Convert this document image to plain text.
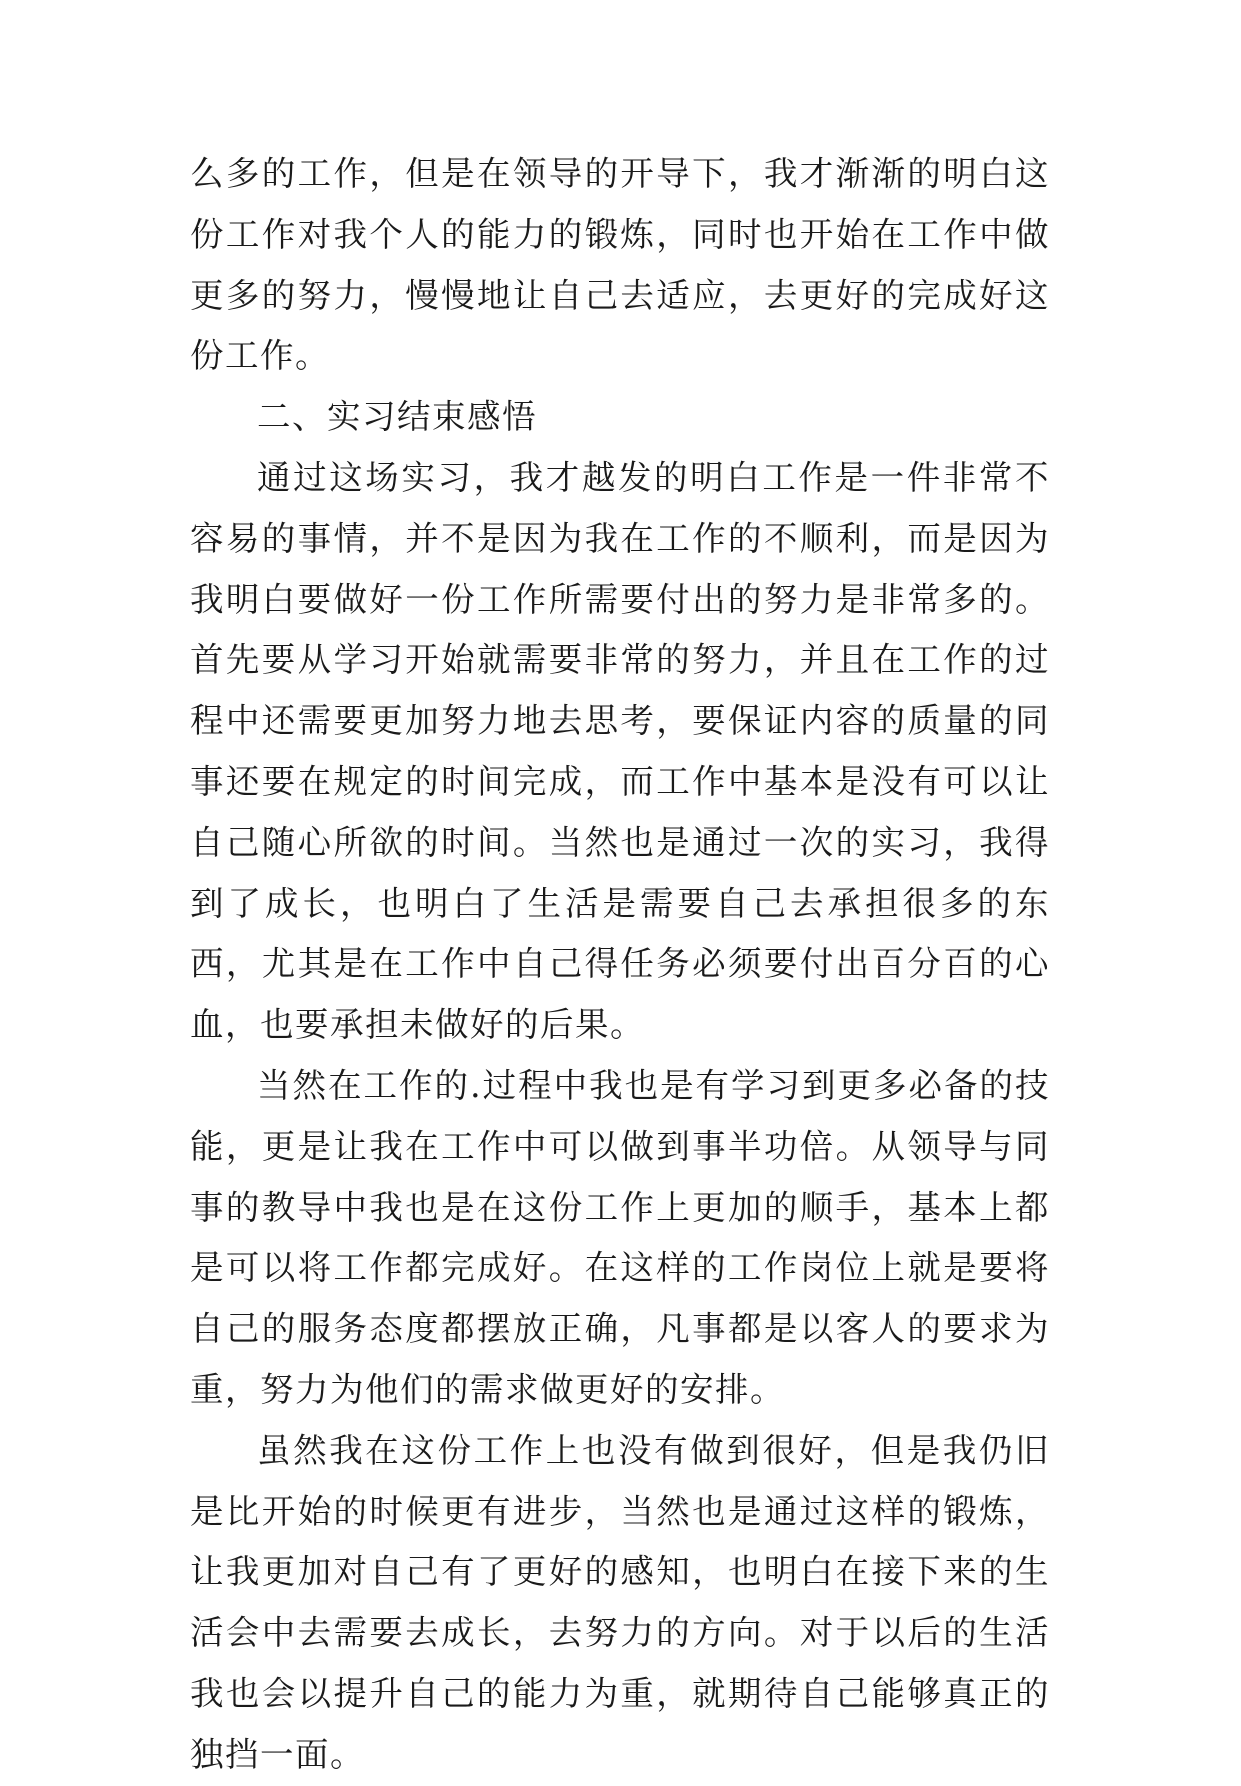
么多的工作，但是在领导的开导下，我才渐渐的明白这份工作对我个人的能力的锻炼，同时也开始在工作中做更多的努力，慢慢地让自己去适应，去更好的完成好这份工作。

二、实习结束感悟

通过这场实习，我才越发的明白工作是一件非常不容易的事情，并不是因为我在工作的不顺利，而是因为我明白要做好一份工作所需要付出的努力是非常多的。首先要从学习开始就需要非常的努力，并且在工作的过程中还需要更加努力地去思考，要保证内容的质量的同事还要在规定的时间完成，而工作中基本是没有可以让自己随心所欲的时间。当然也是通过一次的实习，我得到了成长，也明白了生活是需要自己去承担很多的东西，尤其是在工作中自己得任务必须要付出百分百的心血，也要承担未做好的后果。

当然在工作的.过程中我也是有学习到更多必备的技能，更是让我在工作中可以做到事半功倍。从领导与同事的教导中我也是在这份工作上更加的顺手，基本上都是可以将工作都完成好。在这样的工作岗位上就是要将自己的服务态度都摆放正确，凡事都是以客人的要求为重，努力为他们的需求做更好的安排。

虽然我在这份工作上也没有做到很好，但是我仍旧是比开始的时候更有进步，当然也是通过这样的锻炼，让我更加对自己有了更好的感知，也明白在接下来的生活会中去需要去成长，去努力的方向。对于以后的生活我也会以提升自己的能力为重，就期待自己能够真正的独挡一面。
